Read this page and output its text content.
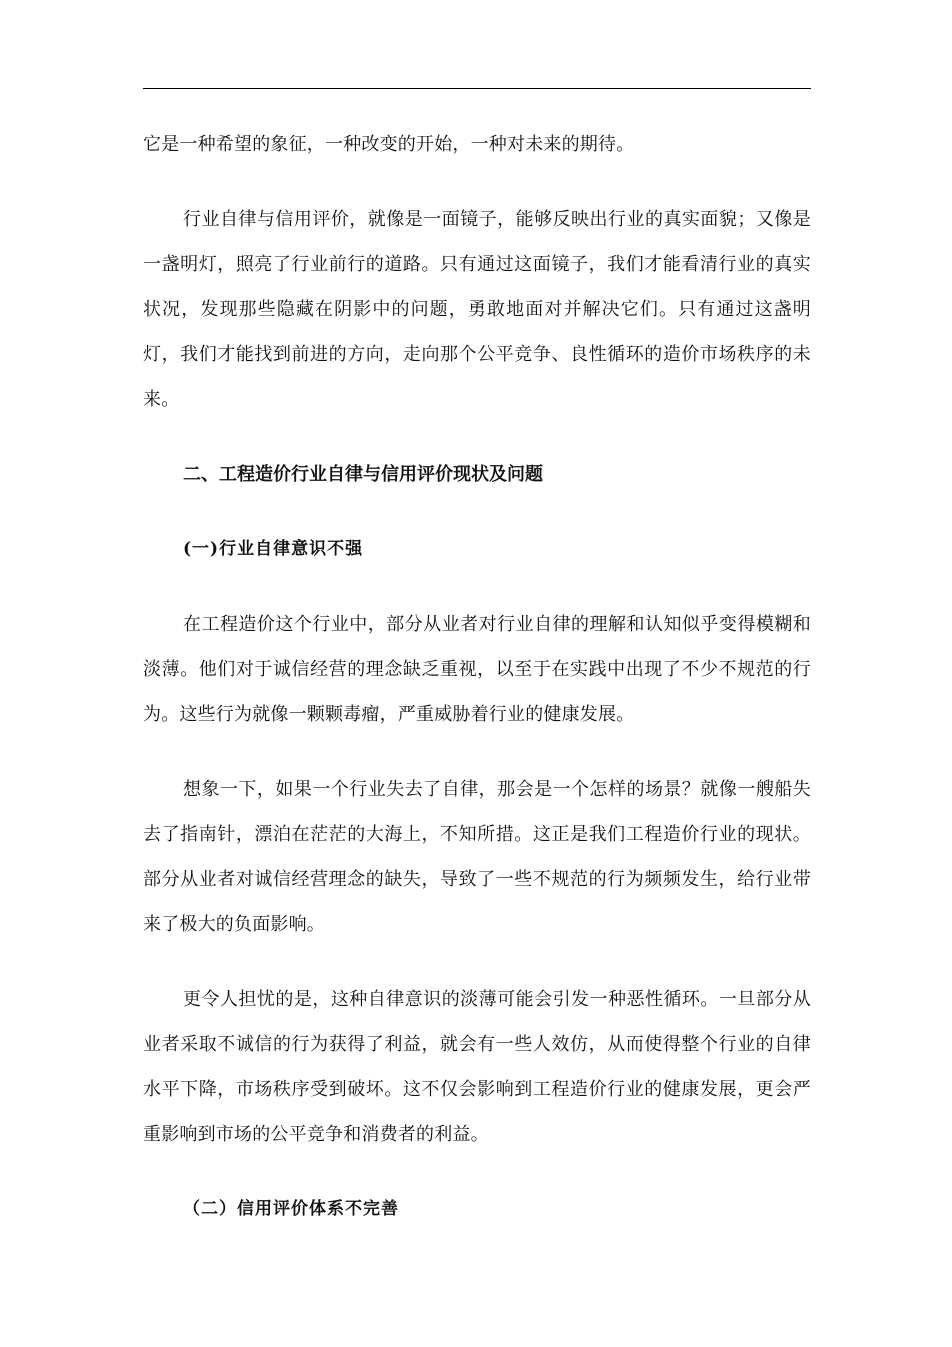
它是一种希望的象征，一种改变的开始，一种对未来的期待。

行业自律与信用评价，就像是一面镜子，能够反映出行业的真实面貌；又像是一盏明灯，照亮了行业前行的道路。只有通过这面镜子，我们才能看清行业的真实状况，发现那些隐藏在阴影中的问题，勇敢地面对并解决它们。只有通过这盏明灯，我们才能找到前进的方向，走向那个公平竞争、良性循环的造价市场秩序的未来。

二、工程造价行业自律与信用评价现状及问题
(一)行业自律意识不强

在工程造价这个行业中，部分从业者对行业自律的理解和认知似乎变得模糊和淡薄。他们对于诚信经营的理念缺乏重视，以至于在实践中出现了不少不规范的行为。这些行为就像一颗颗毒瘤，严重威胁着行业的健康发展。

想象一下，如果一个行业失去了自律，那会是一个怎样的场景？就像一艘船失去了指南针，漂泊在茫茫的大海上，不知所措。这正是我们工程造价行业的现状。部分从业者对诚信经营理念的缺失，导致了一些不规范的行为频频发生，给行业带来了极大的负面影响。

更令人担忧的是，这种自律意识的淡薄可能会引发一种恶性循环。一旦部分从业者采取不诚信的行为获得了利益，就会有一些人效仿，从而使得整个行业的自律水平下降，市场秩序受到破坏。这不仅会影响到工程造价行业的健康发展，更会严重影响到市场的公平竞争和消费者的利益。

（二）信用评价体系不完善
